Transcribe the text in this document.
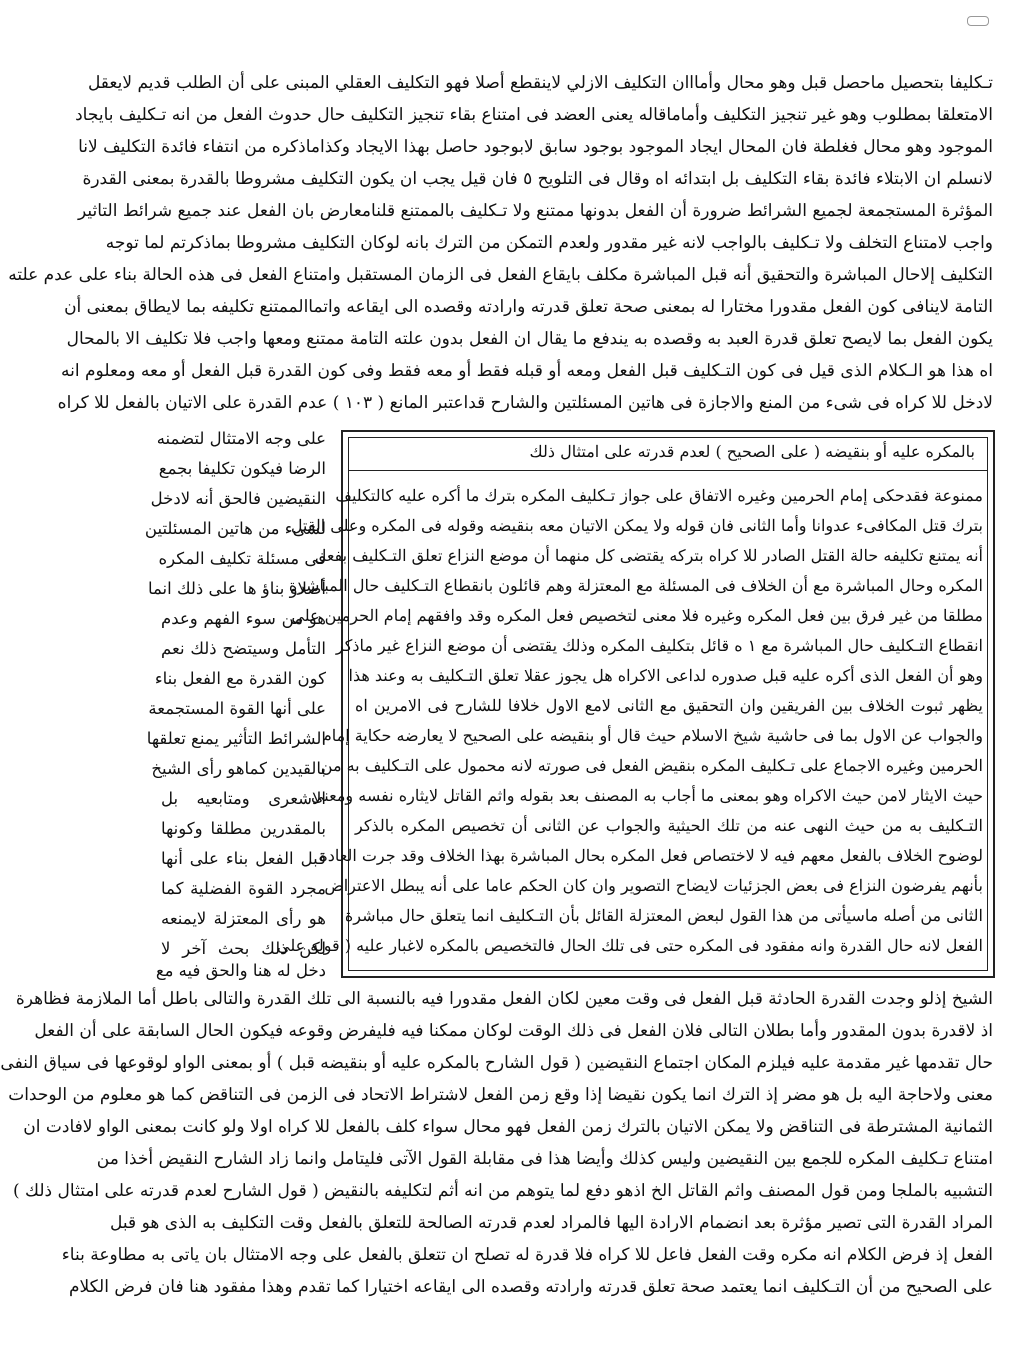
تـكليفا بتحصيل ماحصل قبل وهو محال وأمااان التكليف الازلي لاينقطع أصلا فهو التكليف العقلي المبنى على أن الطلب قديم لايعقل
الامتعلقا بمطلوب وهو غير تنجيز التكليف وأماماقاله يعنى العضد فى امتناع بقاء تنجيز التكليف حال حدوث الفعل من انه تـكليف بايجاد
الموجود وهو محال فغلطة فان المحال ايجاد الموجود بوجود سابق لابوجود حاصل بهذا الايجاد وكذاماذكره من انتفاء فائدة التكليف لانا
لانسلم ان الابتلاء فائدة بقاء التكليف بل ابتدائه اه وقال فى التلويح ٥ فان قيل يجب ان يكون التكليف مشروطا بالقدرة بمعنى القدرة
المؤثرة المستجمعة لجميع الشرائط ضرورة أن الفعل بدونها ممتنع ولا تـكليف بالممتنع قلنامعارض بان الفعل عند جميع شرائط التاثير
واجب لامتناع التخلف ولا تـكليف بالواجب لانه غير مقدور ولعدم التمكن من الترك بانه لوكان التكليف مشروطا بماذكرتم لما توجه
التكليف إلاحال المباشرة والتحقيق أنه قبل المباشرة مكلف بايقاع الفعل فى الزمان المستقبل وامتناع الفعل فى هذه الحالة بناء على عدم علته
التامة لاينافى كون الفعل مقدورا مختارا له بمعنى صحة تعلق قدرته وارادته وقصده الى ايقاعه واتماالممتنع تكليفه بما لايطاق بمعنى أن
يكون الفعل بما لايصح تعلق قدرة العبد به وقصده به يندفع ما يقال ان الفعل بدون علته التامة ممتنع ومعها واجب فلا تكليف الا بالمحال
اه هذا هو الـكلام الذى قيل فى كون التـكليف قبل الفعل ومعه أو قبله فقط أو معه فقط وفى كون القدرة قبل الفعل أو معه ومعلوم انه
لادخل للا كراه فى شىء من المنع والاجازة فى هاتين المسئلتين والشارح قداعتبر المانع ( ١٠٣ ) عدم القدرة على الاتيان بالفعل للا كراه
على وجه الامتثال لتضمنه
الرضا فيكون تكليفا بجمع
النقيضين فالحق أنه لادخل
لشىء من هاتين المسئلتين
فى مسئلة تكليف المكره
أصلاو بناؤ ها على ذلك انما
هو من سوء الفهم وعدم
التأمل وسيتضح ذلك نعم
كون القدرة مع الفعل بناء
على أنها القوة المستجمعة
الشرائط التأثير يمنع تعلقها
بالقيدين كماهو رأى الشيخ
الاشعرى ومتابعيه بل
بالمقدرين مطلقا وكونها
قبل الفعل بناء على أنها
مجرد القوة الفضلية كما
هو رأى المعتزلة لايمنعه
لكن ذلك بحث آخر لا
دخل له هنا والحق فيه مع
بالمكره عليه أو بنقيضه ( على الصحيح ) لعدم قدرته على امتثال ذلك
ممنوعة فقدحكى إمام الحرمين وغيره الاتفاق على جواز تـكليف المكره بترك ما أكره عليه كالتكليف
بترك قتل المكافىء عدوانا وأما الثانى فان قوله ولا يمكن الاتيان معه بنقيضه وقوله فى المكره وعلى القتل
أنه يمتنع تكليفه حالة القتل الصادر للا كراه بتركه يقتضى كل منهما أن موضع النزاع تعلق التـكليف بفعل
المكره وحال المباشرة مع أن الخلاف فى المسئلة مع المعتزلة وهم قائلون بانقطاع التـكليف حال المباشرة
مطلقا من غير فرق بين فعل المكره وغيره فلا معنى لتخصيص فعل المكره وقد وافقهم إمام الحرمين على
انقطاع التـكليف حال المباشرة مع ١ ه قائل بتكليف المكره وذلك يقتضى أن موضع النزاع غير ماذكر
وهو أن الفعل الذى أكره عليه قبل صدوره لداعى الاكراه هل يجوز عقلا تعلق التـكليف به وعند هذا
يظهر ثبوت الخلاف بين الفريقين وان التحقيق مع الثانى لامع الاول خلافا للشارح فى الامرين اه
والجواب عن الاول بما فى حاشية شيخ الاسلام حيث قال أو بنقيضه على الصحيح لا يعارضه حكاية إمام
الحرمين وغيره الاجماع على تـكليف المكره بنقيض الفعل فى صورته لانه محمول على التـكليف به من
حيث الايثار لامن حيث الاكراه وهو بمعنى ما أجاب به المصنف بعد بقوله واثم القاتل لايثاره نفسه ومعنى
التـكليف به من حيث النهى عنه من تلك الحيثية والجواب عن الثانى أن تخصيص المكره بالذكر
لوضوح الخلاف بالفعل معهم فيه لا لاختصاص فعل المكره بحال المباشرة بهذا الخلاف وقد جرت العادة
بأنهم يفرضون النزاع فى بعض الجزئيات لايضاح التصوير وان كان الحكم عاما على أنه يبطل الاعتراض
الثانى من أصله ماسيأتى من هذا القول لبعض المعتزلة القائل بأن التـكليف انما يتعلق حال مباشرة
الفعل لانه حال القدرة وانه مفقود فى المكره حتى فى تلك الحال فالتخصيص بالمكره لاغبار عليه ( قوله على
الشيخ إذلو وجدت القدرة الحادثة قبل الفعل فى وقت معين لكان الفعل مقدورا فيه بالنسبة الى تلك القدرة والتالى باطل أما الملازمة فظاهرة
اذ لاقدرة بدون المقدور وأما بطلان التالى فلان الفعل فى ذلك الوقت لوكان ممكنا فيه فليفرض وقوعه فيكون الحال السابقة على أن الفعل
حال تقدمها غير مقدمة عليه فيلزم المكان اجتماع النقيضين ( قول الشارح بالمكره عليه أو بنقيضه قبل ) أو بمعنى الواو لوقوعها فى سياق النفى
معنى ولاحاجة اليه بل هو مضر إذ الترك انما يكون نقيضا إذا وقع زمن الفعل لاشتراط الاتحاد فى الزمن فى التناقض كما هو معلوم من الوحدات
الثمانية المشترطة فى التناقض ولا يمكن الاتيان بالترك زمن الفعل فهو محال سواء كلف بالفعل للا كراه اولا ولو كانت بمعنى الواو لافادت ان
امتناع تـكليف المكره للجمع بين النقيضين وليس كذلك وأيضا هذا فى مقابلة القول الآتى فليتامل وانما زاد الشارح النقيض أخذا من
التشبيه بالملجا ومن قول المصنف واثم القاتل الخ اذهو دفع لما يتوهم من انه أثم لتكليفه بالنقيض ( قول الشارح لعدم قدرته على امتثال ذلك )
المراد القدرة التى تصير مؤثرة بعد انضمام الارادة اليها فالمراد لعدم قدرته الصالحة للتعلق بالفعل وقت التكليف به الذى هو قبل
الفعل إذ فرض الكلام انه مكره وقت الفعل فاعل للا كراه فلا قدرة له تصلح ان تتعلق بالفعل على وجه الامتثال بان ياتى به مطاوعة بناء
على الصحيح من أن التـكليف انما يعتمد صحة تعلق قدرته وارادته وقصده الى ايقاعه اختيارا كما تقدم وهذا مفقود هنا فان فرض الكلام
